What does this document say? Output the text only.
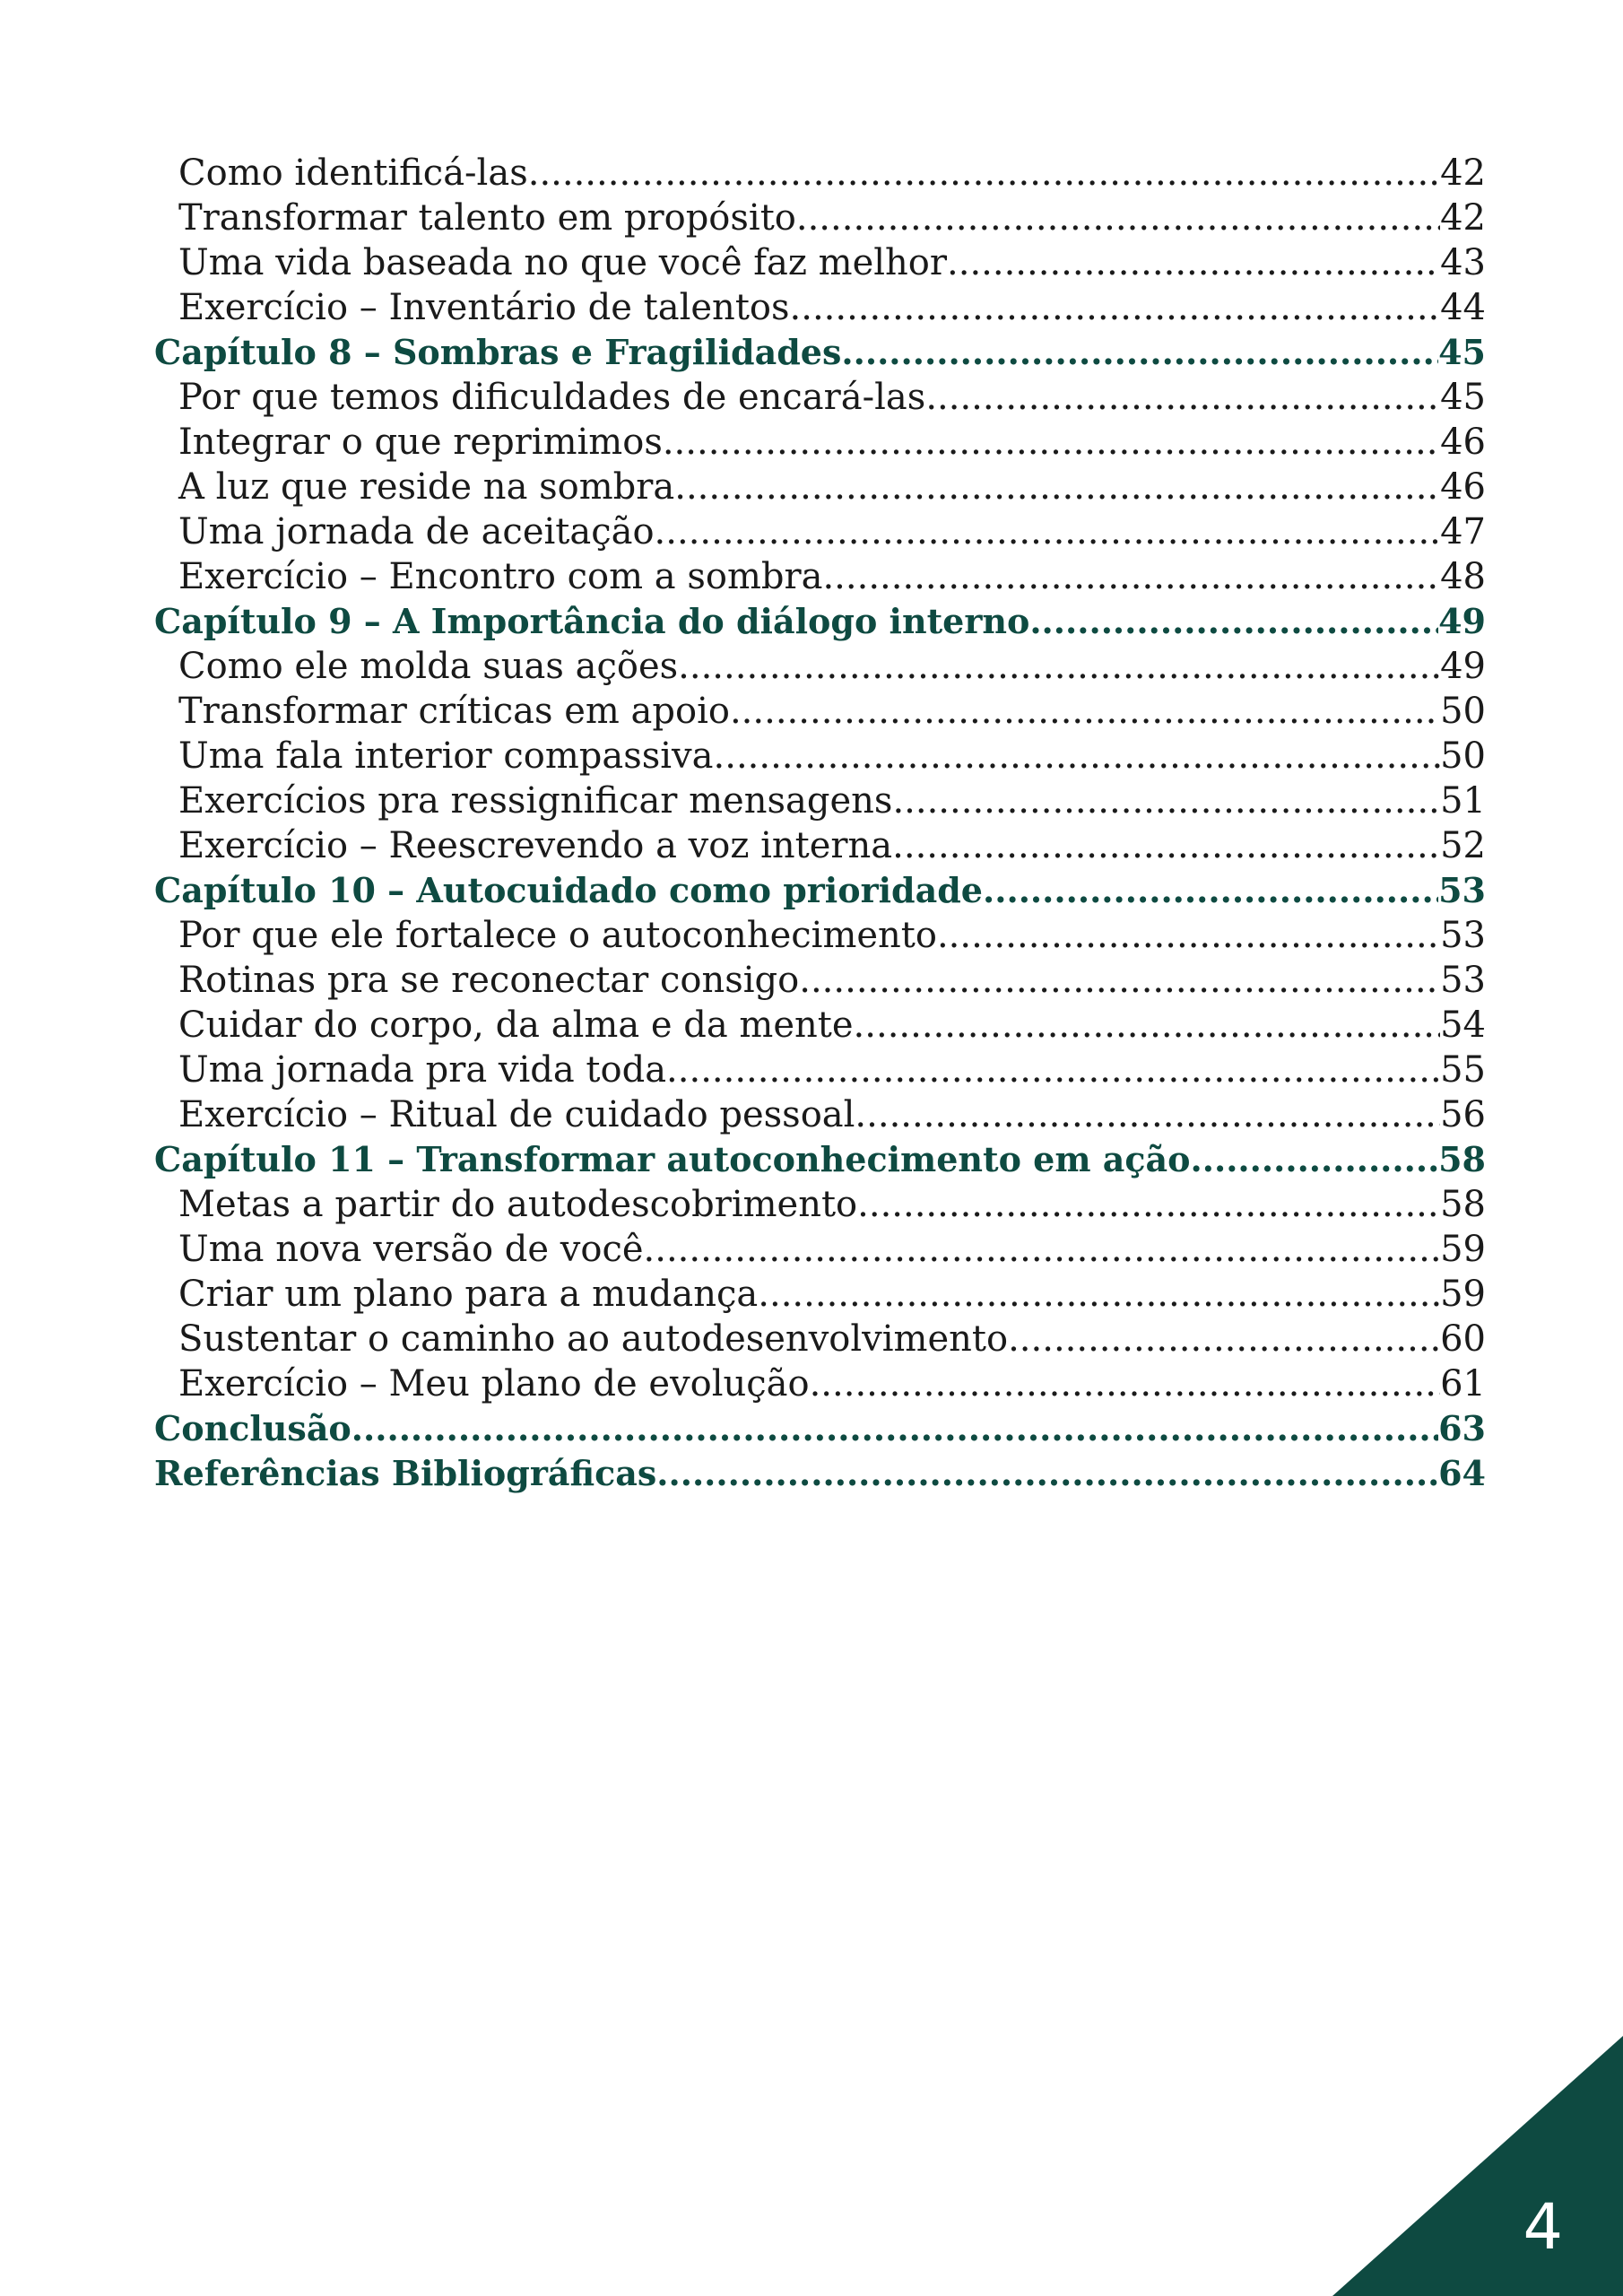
Como identificá-las .....	42
Transformar talento em propósito .....	42
Uma vida baseada no que você faz melhor .....	43
Exercício – Inventário de talentos .....	44
Capítulo 8 – Sombras e Fragilidades .....	45
Por que temos dificuldades de encará-las .....	45
Integrar o que reprimimos .....	46
A luz que reside na sombra .....	46
Uma jornada de aceitação .....	47
Exercício – Encontro com a sombra .....	48
Capítulo 9 – A Importância do diálogo interno .....	49
Como ele molda suas ações .....	49
Transformar críticas em apoio .....	50
Uma fala interior compassiva .....	50
Exercícios pra ressignificar mensagens .....	51
Exercício – Reescrevendo a voz interna .....	52
Capítulo 10 – Autocuidado como prioridade .....	53
Por que ele fortalece o autoconhecimento .....	53
Rotinas pra se reconectar consigo .....	53
Cuidar do corpo, da alma e da mente .....	54
Uma jornada pra vida toda .....	55
Exercício – Ritual de cuidado pessoal .....	56
Capítulo 11 – Transformar autoconhecimento em ação .....	58
Metas a partir do autodescobrimento .....	58
Uma nova versão de você .....	59
Criar um plano para a mudança .....	59
Sustentar o caminho ao autodesenvolvimento .....	60
Exercício – Meu plano de evolução .....	61
Conclusão .....	63
Referências Bibliográficas .....	64
4
